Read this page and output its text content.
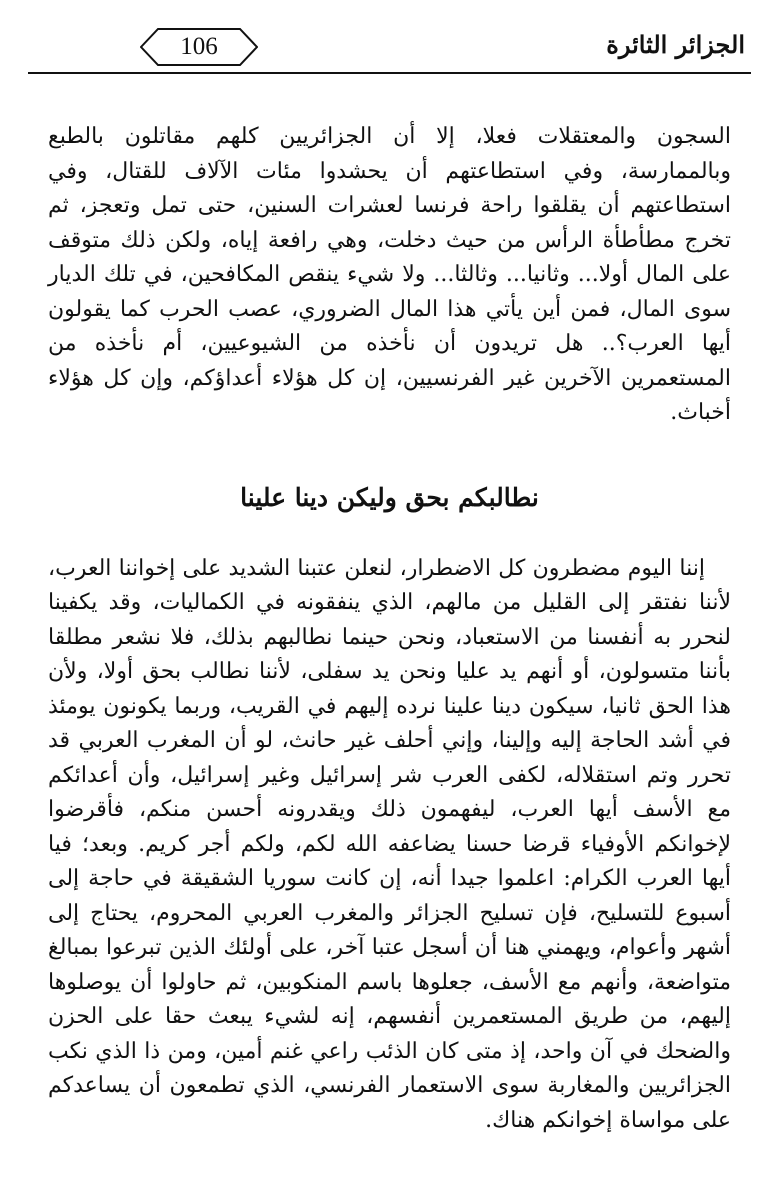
الجزائر الثائرة
106

السجون والمعتقلات فعلا، إلا أن الجزائريين كلهم مقاتلون بالطبع وبالممارسة، وفي استطاعتهم أن يحشدوا مئات الآلاف للقتال، وفي استطاعتهم أن يقلقوا راحة فرنسا لعشرات السنين، حتى تمل وتعجز، ثم تخرج مطأطأة الرأس من حيث دخلت، وهي رافعة إياه، ولكن ذلك متوقف على المال أولا... وثانيا... وثالثا... ولا شيء ينقص المكافحين، في تلك الديار سوى المال، فمن أين يأتي هذا المال الضروري، عصب الحرب كما يقولون أيها العرب؟.. هل تريدون أن نأخذه من الشيوعيين، أم نأخذه من المستعمرين الآخرين غير الفرنسيين، إن كل هؤلاء أعداؤكم، وإن كل هؤلاء أخباث.

نطالبكم بحق وليكن دينا علينا

إننا اليوم مضطرون كل الاضطرار، لنعلن عتبنا الشديد على إخواننا العرب، لأننا نفتقر إلى القليل من مالهم، الذي ينفقونه في الكماليات، وقد يكفينا لنحرر به أنفسنا من الاستعباد، ونحن حينما نطالبهم بذلك، فلا نشعر مطلقا بأننا متسولون، أو أنهم يد عليا ونحن يد سفلى، لأننا نطالب بحق أولا، ولأن هذا الحق ثانيا، سيكون دينا علينا نرده إليهم في القريب، وربما يكونون يومئذ في أشد الحاجة إليه وإلينا، وإني أحلف غير حانث، لو أن المغرب العربي قد تحرر وتم استقلاله، لكفى العرب شر إسرائيل وغير إسرائيل، وأن أعدائكم مع الأسف أيها العرب، ليفهمون ذلك ويقدرونه أحسن منكم، فأقرضوا لإخوانكم الأوفياء قرضا حسنا يضاعفه الله لكم، ولكم أجر كريم. وبعد؛ فيا أيها العرب الكرام: اعلموا جيدا أنه، إن كانت سوريا الشقيقة في حاجة إلى أسبوع للتسليح، فإن تسليح الجزائر والمغرب العربي المحروم، يحتاج إلى أشهر وأعوام، ويهمني هنا أن أسجل عتبا آخر، على أولئك الذين تبرعوا بمبالغ متواضعة، وأنهم مع الأسف، جعلوها باسم المنكوبين، ثم حاولوا أن يوصلوها إليهم، من طريق المستعمرين أنفسهم، إنه لشيء يبعث حقا على الحزن والضحك في آن واحد، إذ متى كان الذئب راعي غنم أمين، ومن ذا الذي نكب الجزائريين والمغاربة سوى الاستعمار الفرنسي، الذي تطمعون أن يساعدكم على مواساة إخوانكم هناك.
